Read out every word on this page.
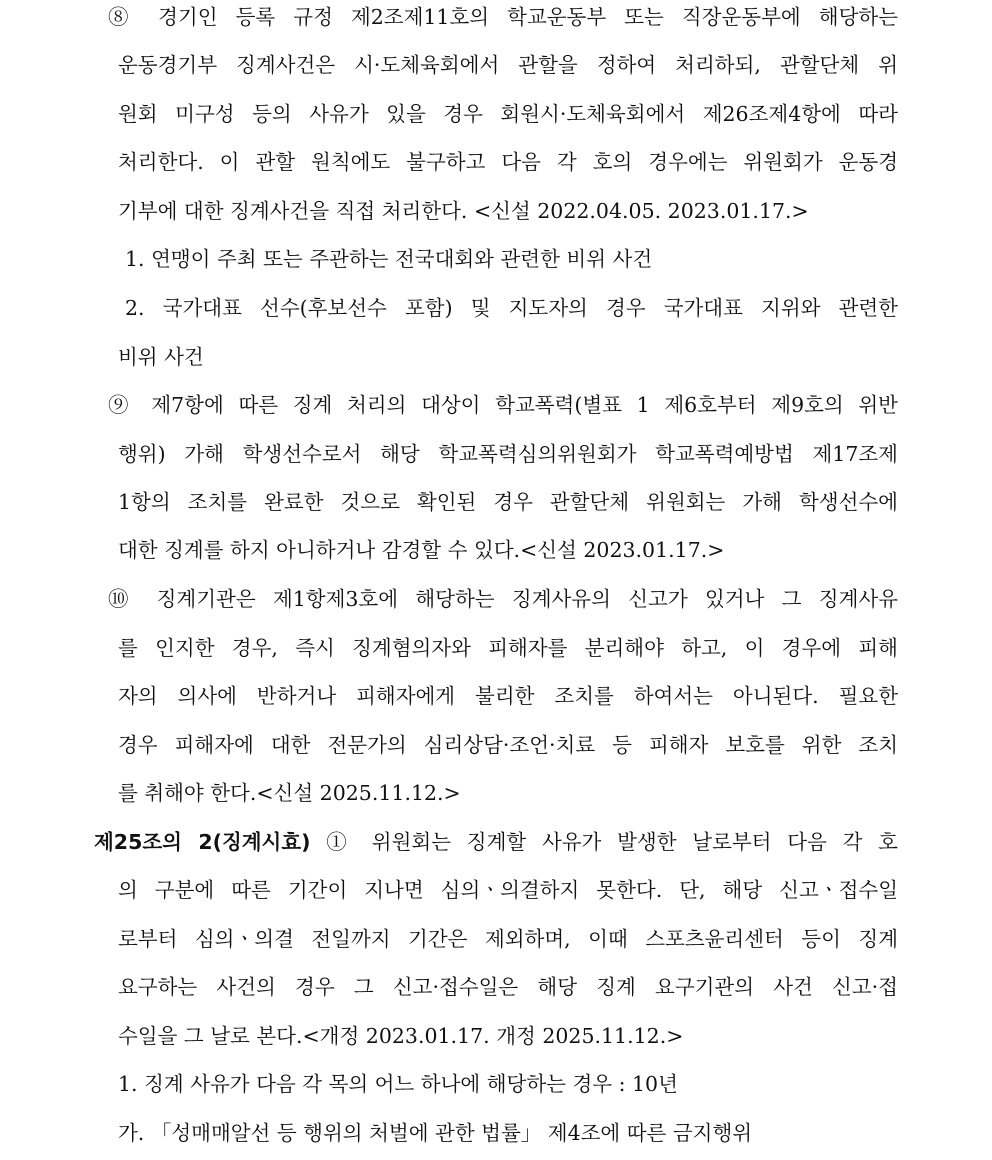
⑧ 경기인 등록 규정 제2조제11호의 학교운동부 또는 직장운동부에 해당하는
운동경기부 징계사건은 시·도체육회에서 관할을 정하여 처리하되, 관할단체 위
원회 미구성 등의 사유가 있을 경우 회원시·도체육회에서 제26조제4항에 따라
처리한다. 이 관할 원칙에도 불구하고 다음 각 호의 경우에는 위원회가 운동경
기부에 대한 징계사건을 직접 처리한다. <신설 2022.04.05. 2023.01.17.>
1. 연맹이 주최 또는 주관하는 전국대회와 관련한 비위 사건
2. 국가대표 선수(후보선수 포함) 및 지도자의 경우 국가대표 지위와 관련한
비위 사건
⑨ 제7항에 따른 징계 처리의 대상이 학교폭력(별표 1 제6호부터 제9호의 위반
행위) 가해 학생선수로서 해당 학교폭력심의위원회가 학교폭력예방법 제17조제
1항의 조치를 완료한 것으로 확인된 경우 관할단체 위원회는 가해 학생선수에
대한 징계를 하지 아니하거나 감경할 수 있다.<신설 2023.01.17.>
⑩ 징계기관은 제1항제3호에 해당하는 징계사유의 신고가 있거나 그 징계사유
를 인지한 경우, 즉시 징계혐의자와 피해자를 분리해야 하고, 이 경우에 피해
자의 의사에 반하거나 피해자에게 불리한 조치를 하여서는 아니된다. 필요한
경우 피해자에 대한 전문가의 심리상담·조언·치료 등 피해자 보호를 위한 조치
를 취해야 한다.<신설 2025.11.12.>
제25조의 2(징계시효) ① 위원회는 징계할 사유가 발생한 날로부터 다음 각 호
의 구분에 따른 기간이 지나면 심의ㆍ의결하지 못한다. 단, 해당 신고ㆍ접수일
로부터 심의ㆍ의결 전일까지 기간은 제외하며, 이때 스포츠윤리센터 등이 징계
요구하는 사건의 경우 그 신고·접수일은 해당 징계 요구기관의 사건 신고·접
수일을 그 날로 본다.<개정 2023.01.17. 개정 2025.11.12.>
1. 징계 사유가 다음 각 목의 어느 하나에 해당하는 경우 : 10년
가. 「성매매알선 등 행위의 처벌에 관한 법률」 제4조에 따른 금지행위
